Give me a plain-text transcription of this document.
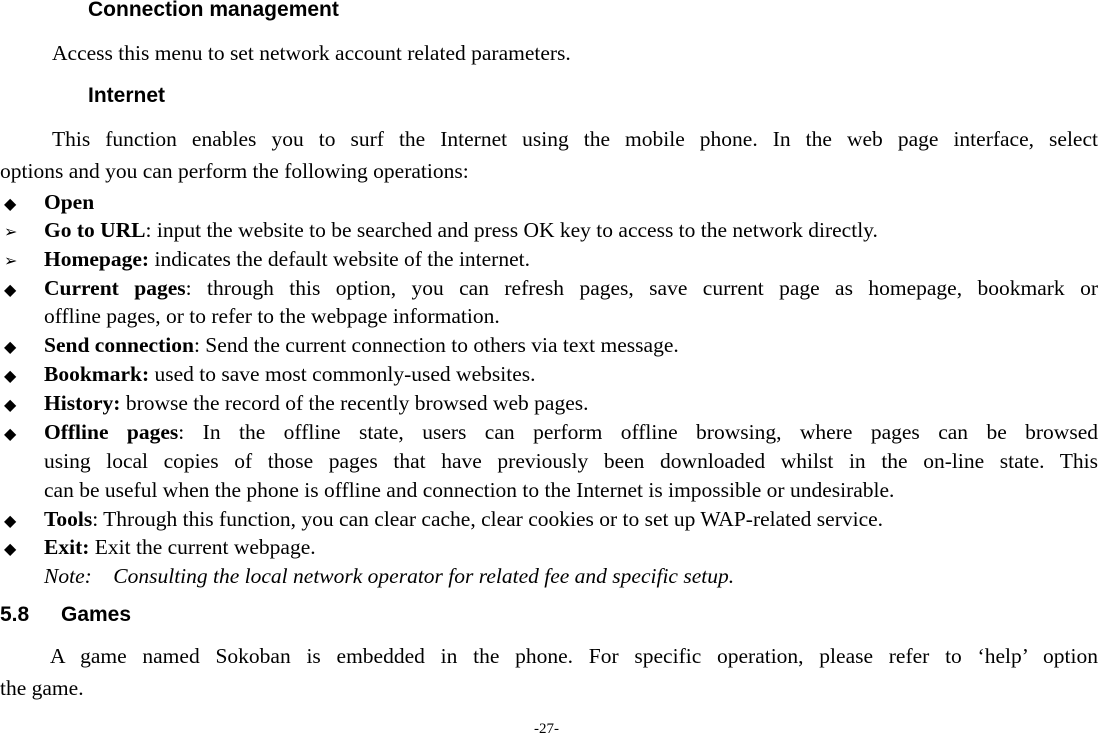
Connection management
Access this menu to set network account related parameters.
Internet
This function enables you to surf the Internet using the mobile phone. In the web page interface, select
options and you can perform the following operations:
◆ Open
➢ Go to URL: input the website to be searched and press OK key to access to the network directly.
➢ Homepage: indicates the default website of the internet.
◆ Current pages: through this option, you can refresh pages, save current page as homepage, bookmark or
offline pages, or to refer to the webpage information.
◆ Send connection: Send the current connection to others via text message.
◆ Bookmark: used to save most commonly-used websites.
◆ History: browse the record of the recently browsed web pages.
◆ Offline pages: In the offline state, users can perform offline browsing, where pages can be browsed
using local copies of those pages that have previously been downloaded whilst in the on-line state. This
can be useful when the phone is offline and connection to the Internet is impossible or undesirable.
◆ Tools: Through this function, you can clear cache, clear cookies or to set up WAP-related service.
◆ Exit: Exit the current webpage.
Note:    Consulting the local network operator for related fee and specific setup.
5.8 Games
A game named Sokoban is embedded in the phone. For specific operation, please refer to ‘help’ option
the game.
-27-
